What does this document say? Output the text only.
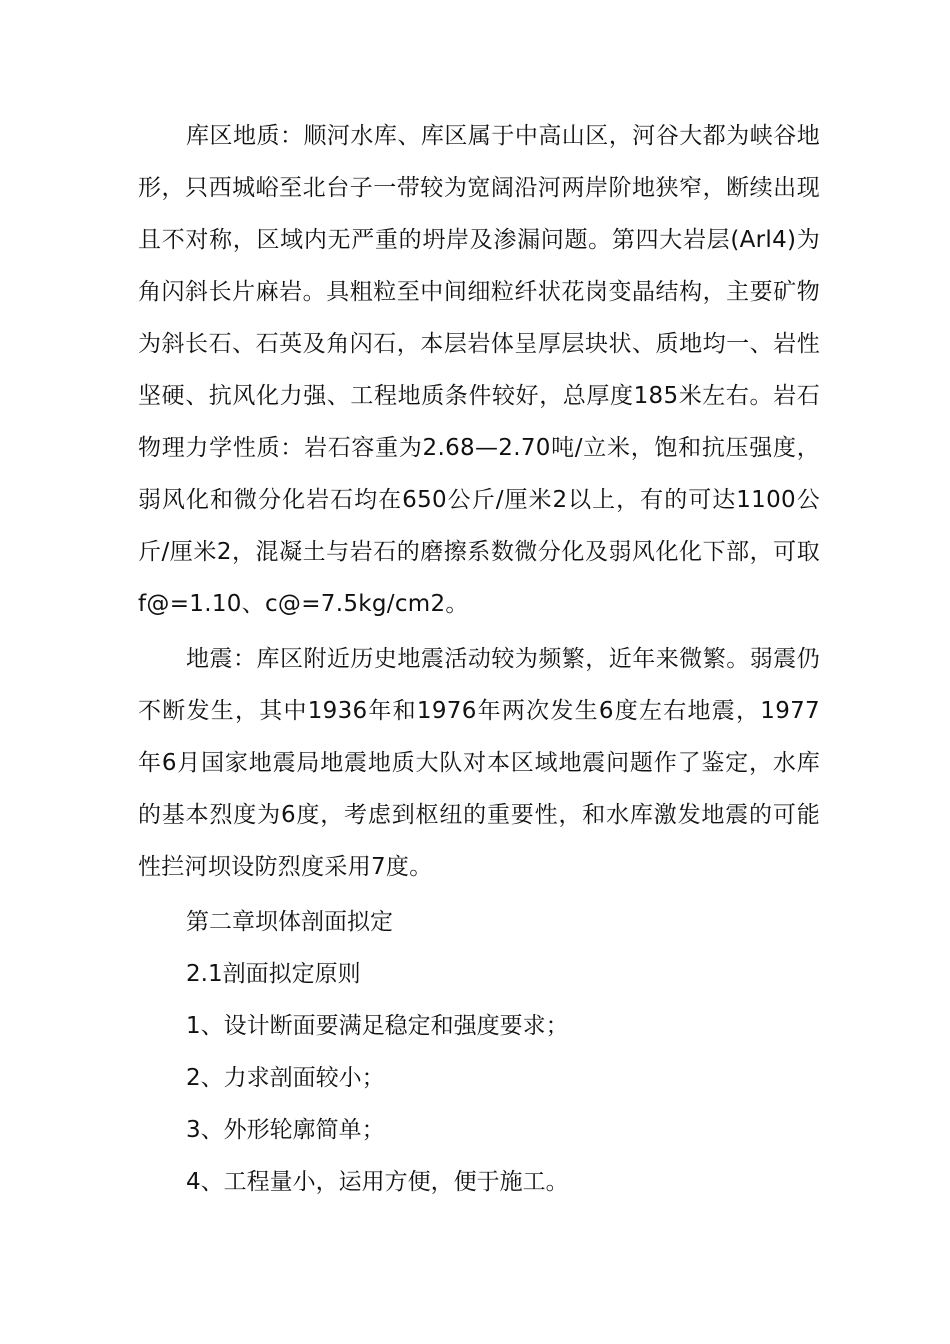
库区地质：顺河水库、库区属于中高山区，河谷大都为峡谷地形，只西城峪至北台子一带较为宽阔沿河两岸阶地狭窄，断续出现且不对称，区域内无严重的坍岸及渗漏问题。第四大岩层(Arl4)为角闪斜长片麻岩。具粗粒至中间细粒纤状花岗变晶结构，主要矿物为斜长石、石英及角闪石，本层岩体呈厚层块状、质地均一、岩性坚硬、抗风化力强、工程地质条件较好，总厚度185米左右。岩石物理力学性质：岩石容重为2.68—2.70吨/立米，饱和抗压强度，弱风化和微分化岩石均在650公斤/厘米2以上，有的可达1100公斤/厘米2，混凝土与岩石的磨擦系数微分化及弱风化化下部，可取f@=1.10、c@=7.5kg/cm2。

地震：库区附近历史地震活动较为频繁，近年来微繁。弱震仍不断发生，其中1936年和1976年两次发生6度左右地震，1977年6月国家地震局地震地质大队对本区域地震问题作了鉴定，水库的基本烈度为6度，考虑到枢纽的重要性，和水库激发地震的可能性拦河坝设防烈度采用7度。

第二章坝体剖面拟定

2.1剖面拟定原则

1、设计断面要满足稳定和强度要求；

2、力求剖面较小；

3、外形轮廓简单；

4、工程量小，运用方便，便于施工。
